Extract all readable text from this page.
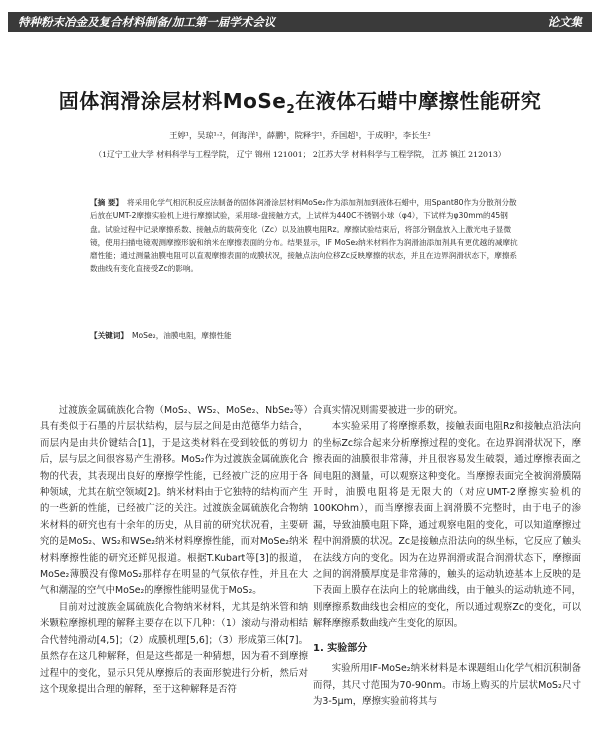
特种粉末冶金及复合材料制备/加工第一届学术会议	论文集
固体润滑涂层材料MoSe$_2$在液体石蜡中摩擦性能研究
王婷¹，吴琼¹·²，何海洋¹，薛鹏¹，院释宇¹，乔国超¹，于成明²，李长生²
（1辽宁工业大学 材料科学与工程学院， 辽宁 锦州 121001； 2江苏大学 材料科学与工程学院， 江苏 镇江 212013）
【摘 要】 将采用化学气相沉积反应法制备的固体润滑涂层材料MoSe₂作为添加剂加到液体石蜡中，用Spant80作为分散剂分散后放在UMT-2摩擦实验机上进行摩擦试验，采用球-盘接触方式，上试样为440C不锈钢小球（φ4），下试样为φ30mm的45钢盘。试验过程中记录摩擦系数、接触点的载荷变化（Zc）以及油膜电阻Rz。摩擦试验结束后，将部分钢盘放入上激光电子显微镜，使用扫描电镜观测摩擦形貌和纳米在摩擦表面的分布。结果显示，IF MoSe₂纳米材料作为润滑油添加剂具有更优越的减摩抗磨性能；通过测量油膜电阻可以直观摩擦表面的成膜状况，接触点法向位移Zc反映摩擦的状态，并且在边界润滑状态下，摩擦系数曲线有变化直接受Zc的影响。
【关键词】 MoSe₂，油膜电阻，摩擦性能

过渡族金属硫族化合物（MoS₂、WS₂、MoSe₂、NbSe₂等）具有类似于石墨的片层状结构，层与层之间是由范德华力结合，而层内是由共价键结合[1]，于是这类材料在受到较低的剪切力后，层与层之间很容易产生滑移。MoS₂作为过渡族金属硫族化合物的代表，其表现出良好的摩擦学性能，已经被广泛的应用于各种领域，尤其在航空领域[2]。纳米材料由于它独特的结构而产生的一些新的性能，已经被广泛的关注。过渡族金属硫族化合物纳米材料的研究也有十余年的历史，从目前的研究状况看，主要研究的是MoS₂、WS₂和WSe₂纳米材料摩擦性能，而对MoSe₂纳米材料摩擦性能的研究还鲜见报道。根据T.Kubart等[3]的报道，MoSe₂薄膜没有像MoS₂那样存在明显的气氛依存性，并且在大气和潮湿的空气中MoSe₂的摩擦性能明显优于MoS₂。

目前对过渡族金属硫族化合物纳米材料，尤其是纳米管和纳米颗粒摩擦机理的解释主要存在以下几种：（1）滚动与滑动相结合代替纯滑动[4,5]；（2）成膜机理[5,6]；（3）形成第三体[7]。虽然存在这几种解释，但是这些都是一种猜想，因为看不到摩擦过程中的变化，显示只凭从摩擦后的表面形貌进行分析，然后对这个现象提出合理的解释，至于这种解释是否符

合真实情况则需要被进一步的研究。

本实验采用了将摩擦系数，接触表面电阻Rz和接触点沿法向的坐标Zc综合起来分析摩擦过程的变化。在边界润滑状况下，摩擦表面的油膜很非常薄，并且很容易发生破裂，通过摩擦表面之间电阻的测量，可以观察这种变化。当摩擦表面完全被润滑膜隔开时，油膜电阻将是无限大的（对应UMT-2摩擦实验机的100KOhm），而当摩擦表面上润滑膜不完整时，由于电子的渗漏，导致油膜电阻下降，通过观察电阻的变化，可以知道摩擦过程中润滑膜的状况。Zc是接触点沿法向的纵坐标，它反应了触头在法线方向的变化。因为在边界润滑或混合润滑状态下，摩擦面之间的润滑膜厚度是非常薄的，触头的运动轨迹基本上反映的是下表面上膜存在法向上的轮廓曲线，由于触头的运动轨迹不同，则摩擦系数曲线也会相应的变化，所以通过观察Zc的变化，可以解释摩擦系数曲线产生变化的原因。

1. 实验部分

实验所用IF-MoSe₂纳米材料是本课题组山化学气相沉积制备而得，其尺寸范围为70-90nm。市场上购买的片层状MoS₂尺寸为3-5μm，摩擦实验前将其与
